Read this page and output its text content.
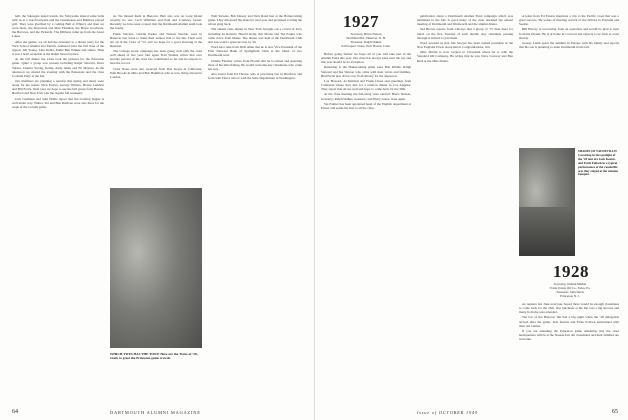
hall, the Salesgate tested trends, the Sixtysome shared some balls with us at a watch between and the Greenhouse and Bulmore played golf. They were glorified by a coming Ball at Whiss’s and then we were there, the Stevenson and Max Fitzallen, the Bruce Goodsons, the Barrows, and the Pickards. The Dibbens came up from the Great Lakes.

After the games, we all had the Greeners to a dinner party for the Tuck School Alumni and friends. Gathered were the full class of the region: Jim Young, Linn Keller, Eddie Ben Winkle and others. Then it was a brief reception at the Ralph Steward place.

At the fall dinner the Class took the pictures for the Princeton game. Quite a group was present including Ralph Steward, Dave Turner, Charles Strong, Kemp, Andy Allen and Pit Maynes. In the afternoon we shared the evening with the Pensatons and the class Cocktail Party at the Inn.

Our members are planning a reunion this spring and many were along for the return: Nick Forbes, George Walters, Howie Lambert and Bill Ferris. Next year we hope to see the full group from Boston, Hartford and New York join the regular fall weekend.

Jack Cushman and Sam Hollis report that the bowling league is well under way. Walter, Stu and Ben Ruthven were also there for the week of the Cornell game.

us. We missed them in Hanover. Hub also was on Long Island recently he saw Cecil Whitman and Paul and Courtney Green. Recently we have seen a report that the Dartmouth Alumni team took the trophy.

Frank Stevens, Charlie Parker and Warren Sinclair were in Hanover last week to make their annual visit to the Inn. Their sons are all in the Class of ’53, and we hope for a good showing at the Reunion.

The College Grant campaign has been going well with the class well ahead of last year. Our agent Fred Walden writes that over seventy percent of the class has contributed so far and he expects to beat the record.

Class Notes were also received from Don Keyes in California, Walt Brooks in Ohio and Bob Hamilton who is now living abroad in London.

WHICH TWIN HAS THE TONI? Here are the Twins of ’28, ready to greet the Princeton game crowds.

Walt Stevens, Bob Dewey and Vern Rand met at the Homecoming game. They discussed the plans for next year and promised to bring the whole gang back.

The annual class dinner in New York brought out a crowd of forty including Al Roberts, Harold Kelly, Jim Moran and Ted Parker who came down from Maine. The dinner was held at the Dartmouth Club and was voted a great success by all.

Word has come from Dick Allen that he is now Vice President of the First National Bank of Springfield. Dick is the father of two Dartmouth sons.

Charlie Fletcher writes from Florida that he is retired and spending most of his time fishing. He would welcome any classmates who come his way.

Also heard from Ed Thorne, who is practicing law in Hartford, and from Sam Pierce who is with the State Department in Washington.

64	DARTMOUTH ALUMNI MAGAZINE
1927
Secretary, Bruce Nelson
Northfield Rd., Hanover, N. H.
Treasurer, Ralph Walker
64 Prospect Street, New Haven, Conn.

Before going further we hope all of you will take part in the Alumni Fund this year. Our class has always been near the top and this year should be no exception.

Returning to the Homecoming game were Bob Dibble, Ralph Steward and Ike Weston who came with their wives and families. Bud Ferris also drove over from Albany for the afternoon.

Lou Howard, Al Kimball and Frank Chase sent greetings from California where they met for a reunion dinner in Los Angeles. They report that all are well and hope to come back for the 30th.

At the class meeting the following were elected: Bruce Nelson, secretary; Ralph Walker, treasurer; and Harry Gates, class agent.

Stu Palmer has been appointed head of the English department at Exeter and sends his best to all the class.

publication about a Dartmouth Alumni Fund campaign which was published in the fall. A good many of the class attended the annual meeting of Dartmouth and Wentworth and the alumni dinner.

Ted Brown reports from Chicago that a group of ’27 men meet for lunch on the first Tuesday of each month. Any classmate passing through is invited to join them.

Word reached us that Jim Sawyer has been named president of the New England Power Association. Congratulations, Jim.

Ollie Martin is now located in Cleveland where he is with the Standard Oil Company. He writes that he saw Dave Conway and Ben Rich at the Ohio dinner.

A letter from Ed Fenton mentions a trip to the Pacific coast that was a great success. He writes of meeting several of the fellows in Portland and Seattle.

Bill Harvey is recovering from an operation and would be glad to hear from his friends. He is at home in Concord and expects to be back at work shortly.

George Lamb spent the summer in Europe with his family and reports that his son is planning to enter Dartmouth in the fall.

SHADES OF VAUDEVILLE! Cavorting in the spotlight of the ’28 tent are Jack Kearns and Ernie Pollock in a typical performance of the vaudeville acts they staged at the reunion banquet.
1928
Secretary, Osmun Mather
Trade Union Oil Co., Tulsa, Pa.
Treasurer, John Davis
Princeton, N. J.

As reunion last June everyone hoped there would be enough classmates to come back for the 25th. Our luncheon at the Inn was a big success and many from the area attended.

The bar of the Hanover Inn had a big night when the ’28 delegation arrived after the game. Jack Kearns and Ernie Pollock entertained with their old routine.

If you are attending the Princeton game remember that the class headquarters will be at the Nassau Inn. All classmates and their families are welcome.

Issue of OCTOBER 1949	65
